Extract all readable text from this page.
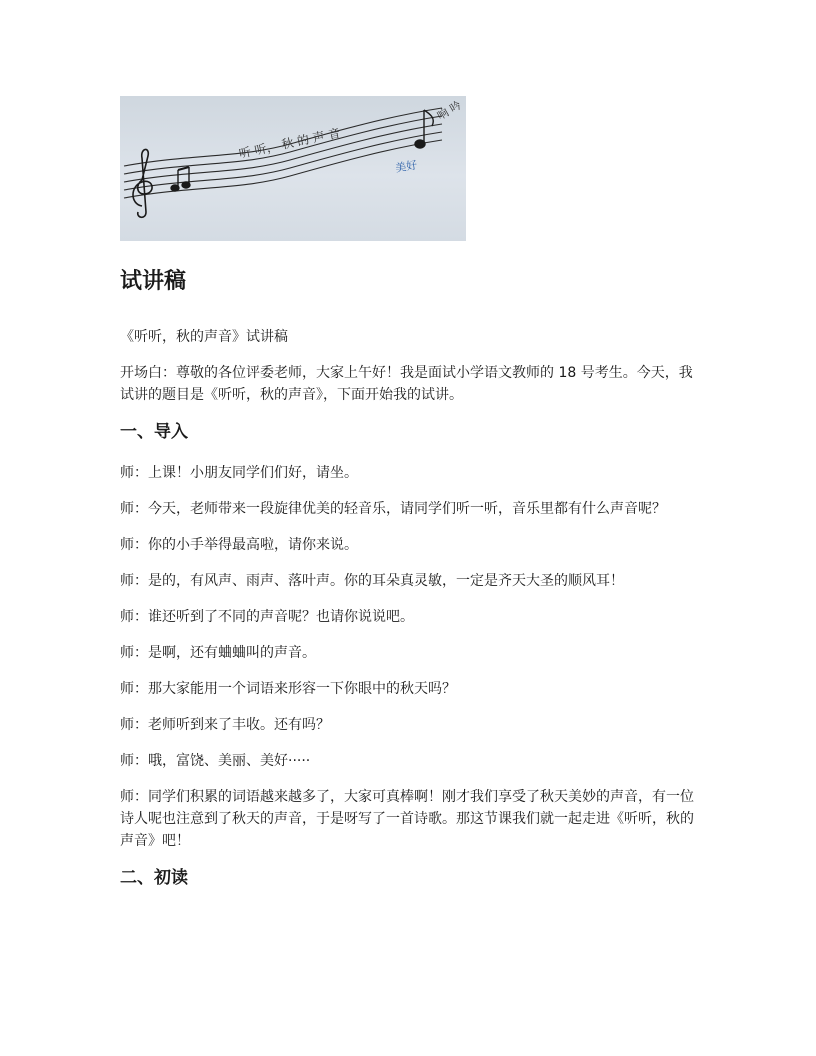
听 听， 秋 的 声 音
美好
响 吟
试讲稿

《听听，秋的声音》试讲稿

开场白：尊敬的各位评委老师，大家上午好！我是面试小学语文教师的 18 号考生。今天，我试讲的题目是《听听，秋的声音》，下面开始我的试讲。

一、导入

师：上课！小朋友同学们们好，请坐。

师：今天，老师带来一段旋律优美的轻音乐，请同学们听一听，音乐里都有什么声音呢？

师：你的小手举得最高啦，请你来说。

师：是的，有风声、雨声、落叶声。你的耳朵真灵敏，一定是齐天大圣的顺风耳！

师：谁还听到了不同的声音呢？也请你说说吧。

师：是啊，还有蛐蛐叫的声音。

师：那大家能用一个词语来形容一下你眼中的秋天吗？

师：老师听到来了丰收。还有吗？

师：哦，富饶、美丽、美好·····

师：同学们积累的词语越来越多了，大家可真棒啊！刚才我们享受了秋天美妙的声音，有一位诗人呢也注意到了秋天的声音，于是呀写了一首诗歌。那这节课我们就一起走进《听听，秋的声音》吧！

二、初读
